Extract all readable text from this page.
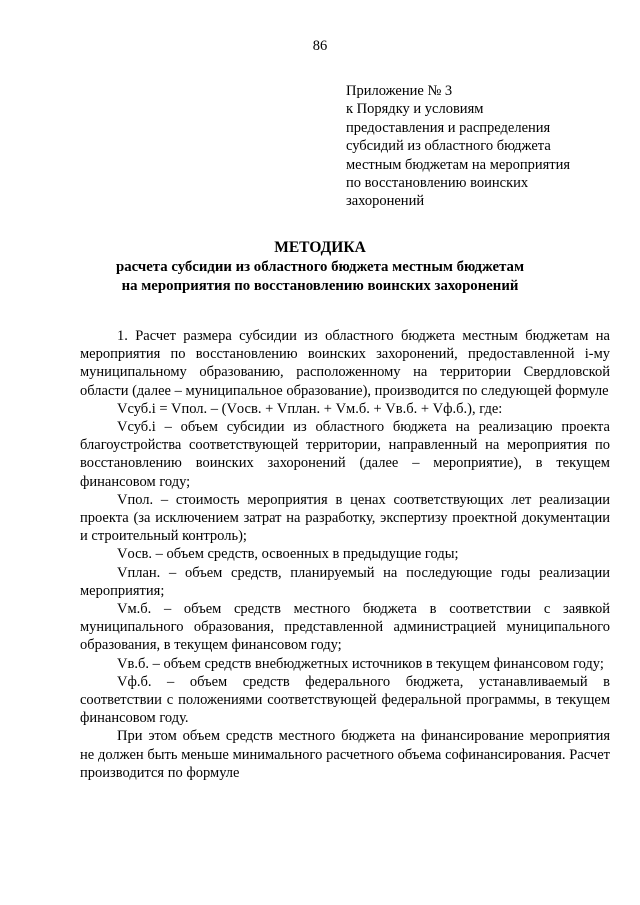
86
Приложение № 3
к Порядку и условиям
предоставления и распределения
субсидий из областного бюджета
местным бюджетам на мероприятия
по восстановлению воинских
захоронений
МЕТОДИКА
расчета субсидии из областного бюджета местным бюджетам
на мероприятия по восстановлению воинских захоронений

1. Расчет размера субсидии из областного бюджета местным бюджетам на мероприятия по восстановлению воинских захоронений, предоставленной i-му муниципальному образованию, расположенному на территории Свердловской области (далее – муниципальное образование), производится по следующей формуле

Vсуб.i = Vпол. – (Vосв. + Vплан. + Vм.б. + Vв.б. + Vф.б.), где:

Vсуб.i – объем субсидии из областного бюджета на реализацию проекта благоустройства соответствующей территории, направленный на мероприятия по восстановлению воинских захоронений (далее – мероприятие), в текущем финансовом году;

Vпол. – стоимость мероприятия в ценах соответствующих лет реализации проекта (за исключением затрат на разработку, экспертизу проектной документации и строительный контроль);

Vосв. – объем средств, освоенных в предыдущие годы;

Vплан. – объем средств, планируемый на последующие годы реализации мероприятия;

Vм.б. – объем средств местного бюджета в соответствии с заявкой муниципального образования, представленной администрацией муниципального образования, в текущем финансовом году;

Vв.б. – объем средств внебюджетных источников в текущем финансовом году;

Vф.б. – объем средств федерального бюджета, устанавливаемый в соответствии с положениями соответствующей федеральной программы, в текущем финансовом году.

При этом объем средств местного бюджета на финансирование мероприятия не должен быть меньше минимального расчетного объема софинансирования. Расчет производится по формуле
